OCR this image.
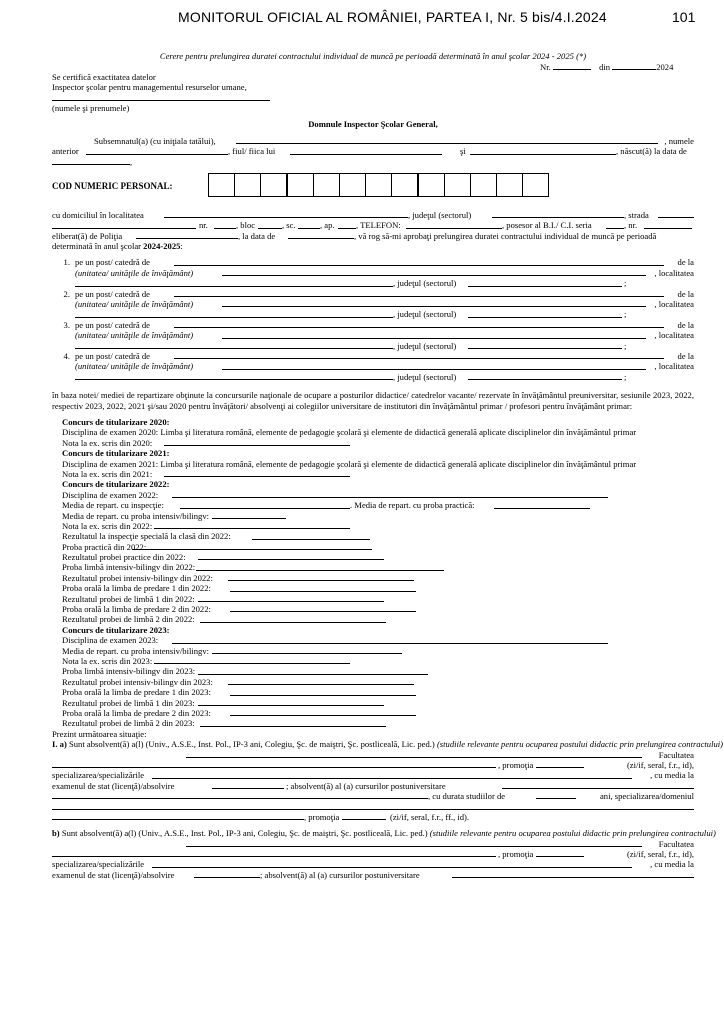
MONITORUL OFICIAL AL ROMÂNIEI, PARTEA I, Nr. 5 bis/4.I.2024	101
Cerere pentru prelungirea duratei contractului individual de muncă pe perioadă determinată în anul şcolar 2024 - 2025 (*)
Nr.	din	2024
Se certifică exactitatea datelor
Inspector şcolar pentru managementul resurselor umane,
(numele şi prenumele)
Domnule Inspector Şcolar General,
Subsemnatul(a) (cu iniţiala tatălui),	, numele
anterior	, fiul/ fiica lui	şi	, născut(ă) la data de
,
COD NUMERIC PERSONAL:
cu domiciliul în localitatea	, judeţul (sectorul)	, strada
nr.	, bloc	, sc.	, ap. , TELEFON:	, posesor al B.I./ C.I. seria	, nr.
eliberat(ă) de Poliţia	, la data de	, vă rog să-mi aprobaţi prelungirea duratei contractului individual de muncă pe perioadă
determinată în anul şcolar 2024-2025:
1. pe un post/ catedră de	de la
(unitatea/ unităţile de învăţământ)	, localitatea
, judeţul (sectorul)	;
2. pe un post/ catedră de	de la
(unitatea/ unităţile de învăţământ)	, localitatea
, judeţul (sectorul)	;
3. pe un post/ catedră de	de la
(unitatea/ unităţile de învăţământ)	, localitatea
, judeţul (sectorul)	;
4. pe un post/ catedră de	de la
(unitatea/ unităţile de învăţământ)	, localitatea
, judeţul (sectorul)	;
în baza notei/ mediei de repartizare obţinute la concursurile naţionale de ocupare a posturilor didactice/ catedrelor vacante/ rezervate în învăţământul preuniversitar, sesiunile 2023, 2022, respectiv 2023, 2022, 2021 şi/sau 2020 pentru învăţători/ absolvenţi ai colegiilor universitare de institutori din învăţământul primar / profesori pentru învăţământ primar:
Concurs de titularizare 2020:
Disciplina de examen 2020: Limba şi literatura română, elemente de pedagogie şcolară şi elemente de didactică generală aplicate disciplinelor din învăţământul primar
Nota la ex. scris din 2020:
Concurs de titularizare 2021:
Disciplina de examen 2021: Limba şi literatura română, elemente de pedagogie şcolară şi elemente de didactică generală aplicate disciplinelor din învăţământul primar
Nota la ex. scris din 2021:
Concurs de titularizare 2022:
Disciplina de examen 2022:
Media de repart. cu inspecţie:	. Media de repart. cu proba practică:
Media de repart. cu proba intensiv/bilingv:
Nota la ex. scris din 2022:
Rezultatul la inspecţie specială la clasă din 2022:
Proba practică din 2022:
Rezultatul probei practice din 2022:
Proba limbă intensiv-bilingv din 2022:
Rezultatul probei intensiv-bilingv din 2022:
Proba orală la limba de predare 1 din 2022:
Rezultatul probei de limbă 1 din 2022:
Proba orală la limba de predare 2 din 2022:
Rezultatul probei de limbă 2 din 2022:
Concurs de titularizare 2023:
Disciplina de examen 2023:
Media de repart. cu proba intensiv/bilingv:
Nota la ex. scris din 2023:
Proba limbă intensiv-bilingv din 2023:
Rezultatul probei intensiv-bilingv din 2023:
Proba orală la limba de predare 1 din 2023:
Rezultatul probei de limbă 1 din 2023:
Proba orală la limba de predare 2 din 2023:
Rezultatul probei de limbă 2 din 2023:
Prezint următoarea situaţie:
I. a) Sunt absolvent(ă) a(l) (Univ., A.S.E., Inst. Pol., IP-3 ani, Colegiu, Şc. de maiştri, Şc. postliceală, Lic. ped.) (studiile relevante pentru ocuparea postului didactic prin prelungirea contractului)
Facultatea
, promoţia	(zi/if, seral, f.r., id),
specializarea/specializările	, cu media la
examenul de stat (licenţă)/absolvire	; absolvent(ă) al (a) cursurilor postuniversitare
, cu durata studiilor de	ani, specializarea/domeniul
, promoţia	(zi/if, seral, f.r., ff., id).
b) Sunt absolvent(ă) a(l) (Univ., A.S.E., Inst. Pol., IP-3 ani, Colegiu, Şc. de maiştri, Şc. postliceală, Lic. ped.) (studiile relevante pentru ocuparea postului didactic prin prelungirea contractului)
Facultatea
, promoţia	(zi/if, seral, f.r., id),
specializarea/specializările	, cu media la
examenul de stat (licenţă)/absolvire	; absolvent(ă) al (a) cursurilor postuniversitare
